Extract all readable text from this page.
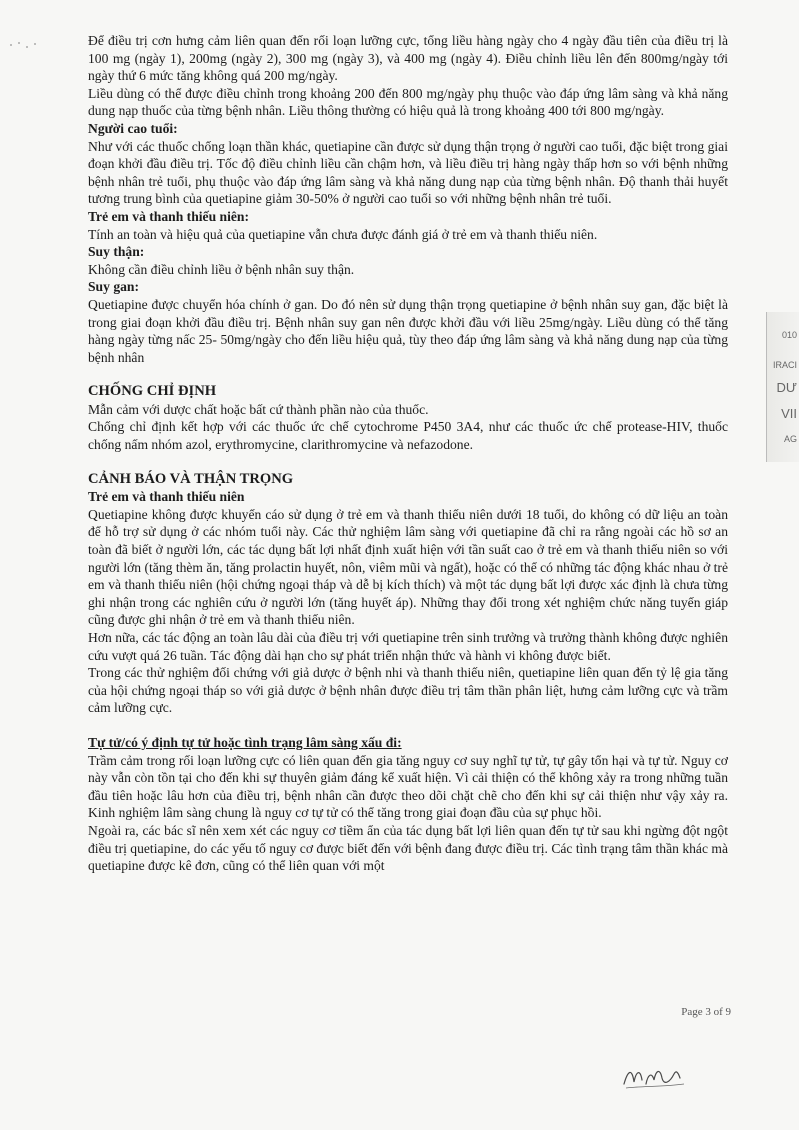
Để điều trị cơn hưng cảm liên quan đến rối loạn lưỡng cực, tổng liều hàng ngày cho 4 ngày đầu tiên của điều trị là 100 mg (ngày 1), 200mg (ngày 2), 300 mg (ngày 3), và 400 mg (ngày 4). Điều chỉnh liều lên đến 800mg/ngày tới ngày thứ 6 mức tăng không quá 200 mg/ngày.

Liều dùng có thể được điều chỉnh trong khoảng 200 đến 800 mg/ngày phụ thuộc vào đáp ứng lâm sàng và khả năng dung nạp thuốc của từng bệnh nhân. Liều thông thường có hiệu quả là trong khoảng 400 tới 800 mg/ngày.

Người cao tuổi:

Như với các thuốc chống loạn thần khác, quetiapine cần được sử dụng thận trọng ở người cao tuổi, đặc biệt trong giai đoạn khởi đầu điều trị. Tốc độ điều chỉnh liều cần chậm hơn, và liều điều trị hàng ngày thấp hơn so với bệnh những bệnh nhân trẻ tuổi, phụ thuộc vào đáp ứng lâm sàng và khả năng dung nạp của từng bệnh nhân. Độ thanh thải huyết tương trung bình của quetiapine giảm 30-50% ở người cao tuổi so với những bệnh nhân trẻ tuổi.

Trẻ em và thanh thiếu niên:

Tính an toàn và hiệu quả của quetiapine vẫn chưa được đánh giá ở trẻ em và thanh thiếu niên.

Suy thận:

Không cần điều chỉnh liều ở bệnh nhân suy thận.

Suy gan:

Quetiapine được chuyển hóa chính ở gan. Do đó nên sử dụng thận trọng quetiapine ở bệnh nhân suy gan, đặc biệt là trong giai đoạn khởi đầu điều trị. Bệnh nhân suy gan nên được khởi đầu với liều 25mg/ngày. Liều dùng có thể tăng hàng ngày từng nấc 25- 50mg/ngày cho đến liều hiệu quả, tùy theo đáp ứng lâm sàng và khả năng dung nạp của từng bệnh nhân

CHỐNG CHỈ ĐỊNH

Mẫn cảm với dược chất hoặc bất cứ thành phần nào của thuốc.

Chống chỉ định kết hợp với các thuốc ức chế cytochrome P450 3A4, như các thuốc ức chế protease-HIV, thuốc chống nấm nhóm azol, erythromycine, clarithromycine và nefazodone.

CẢNH BÁO VÀ THẬN TRỌNG

Trẻ em và thanh thiếu niên

Quetiapine không được khuyến cáo sử dụng ở trẻ em và thanh thiếu niên dưới 18 tuổi, do không có dữ liệu an toàn để hỗ trợ sử dụng ở các nhóm tuổi này. Các thử nghiệm lâm sàng với quetiapine đã chỉ ra rằng ngoài các hồ sơ an toàn đã biết ở người lớn, các tác dụng bất lợi nhất định xuất hiện với tần suất cao ở trẻ em và thanh thiếu niên so với người lớn (tăng thèm ăn, tăng prolactin huyết, nôn, viêm mũi và ngất), hoặc có thể có những tác động khác nhau ở trẻ em và thanh thiếu niên (hội chứng ngoại tháp và dễ bị kích thích) và một tác dụng bất lợi được xác định là chưa từng ghi nhận trong các nghiên cứu ở người lớn (tăng huyết áp). Những thay đổi trong xét nghiệm chức năng tuyến giáp cũng được ghi nhận ở trẻ em và thanh thiếu niên.

Hơn nữa, các tác động an toàn lâu dài của điều trị với quetiapine trên sinh trưởng và trưởng thành không được nghiên cứu vượt quá 26 tuần. Tác động dài hạn cho sự phát triển nhận thức và hành vi không được biết.

Trong các thử nghiệm đối chứng với giả dược ở bệnh nhi và thanh thiếu niên, quetiapine liên quan đến tỷ lệ gia tăng của hội chứng ngoại tháp so với giả dược ở bệnh nhân được điều trị tâm thần phân liệt, hưng cảm lưỡng cực và trầm cảm lưỡng cực.

Tự tử/có ý định tự tử hoặc tình trạng lâm sàng xấu đi:

Trầm cảm trong rối loạn lưỡng cực có liên quan đến gia tăng nguy cơ suy nghĩ tự tử, tự gây tổn hại và tự tử. Nguy cơ này vẫn còn tồn tại cho đến khi sự thuyên giảm đáng kể xuất hiện. Vì cải thiện có thể không xảy ra trong những tuần đầu tiên hoặc lâu hơn của điều trị, bệnh nhân cần được theo dõi chặt chẽ cho đến khi sự cải thiện như vậy xảy ra. Kinh nghiệm lâm sàng chung là nguy cơ tự tử có thể tăng trong giai đoạn đầu của sự phục hồi.

Ngoài ra, các bác sĩ nên xem xét các nguy cơ tiềm ẩn của tác dụng bất lợi liên quan đến tự tử sau khi ngừng đột ngột điều trị quetiapine, do các yếu tố nguy cơ được biết đến với bệnh đang được điều trị. Các tình trạng tâm thần khác mà quetiapine được kê đơn, cũng có thể liên quan với một

Page 3 of 9
010
IRACI
DƯ
VII
AG
